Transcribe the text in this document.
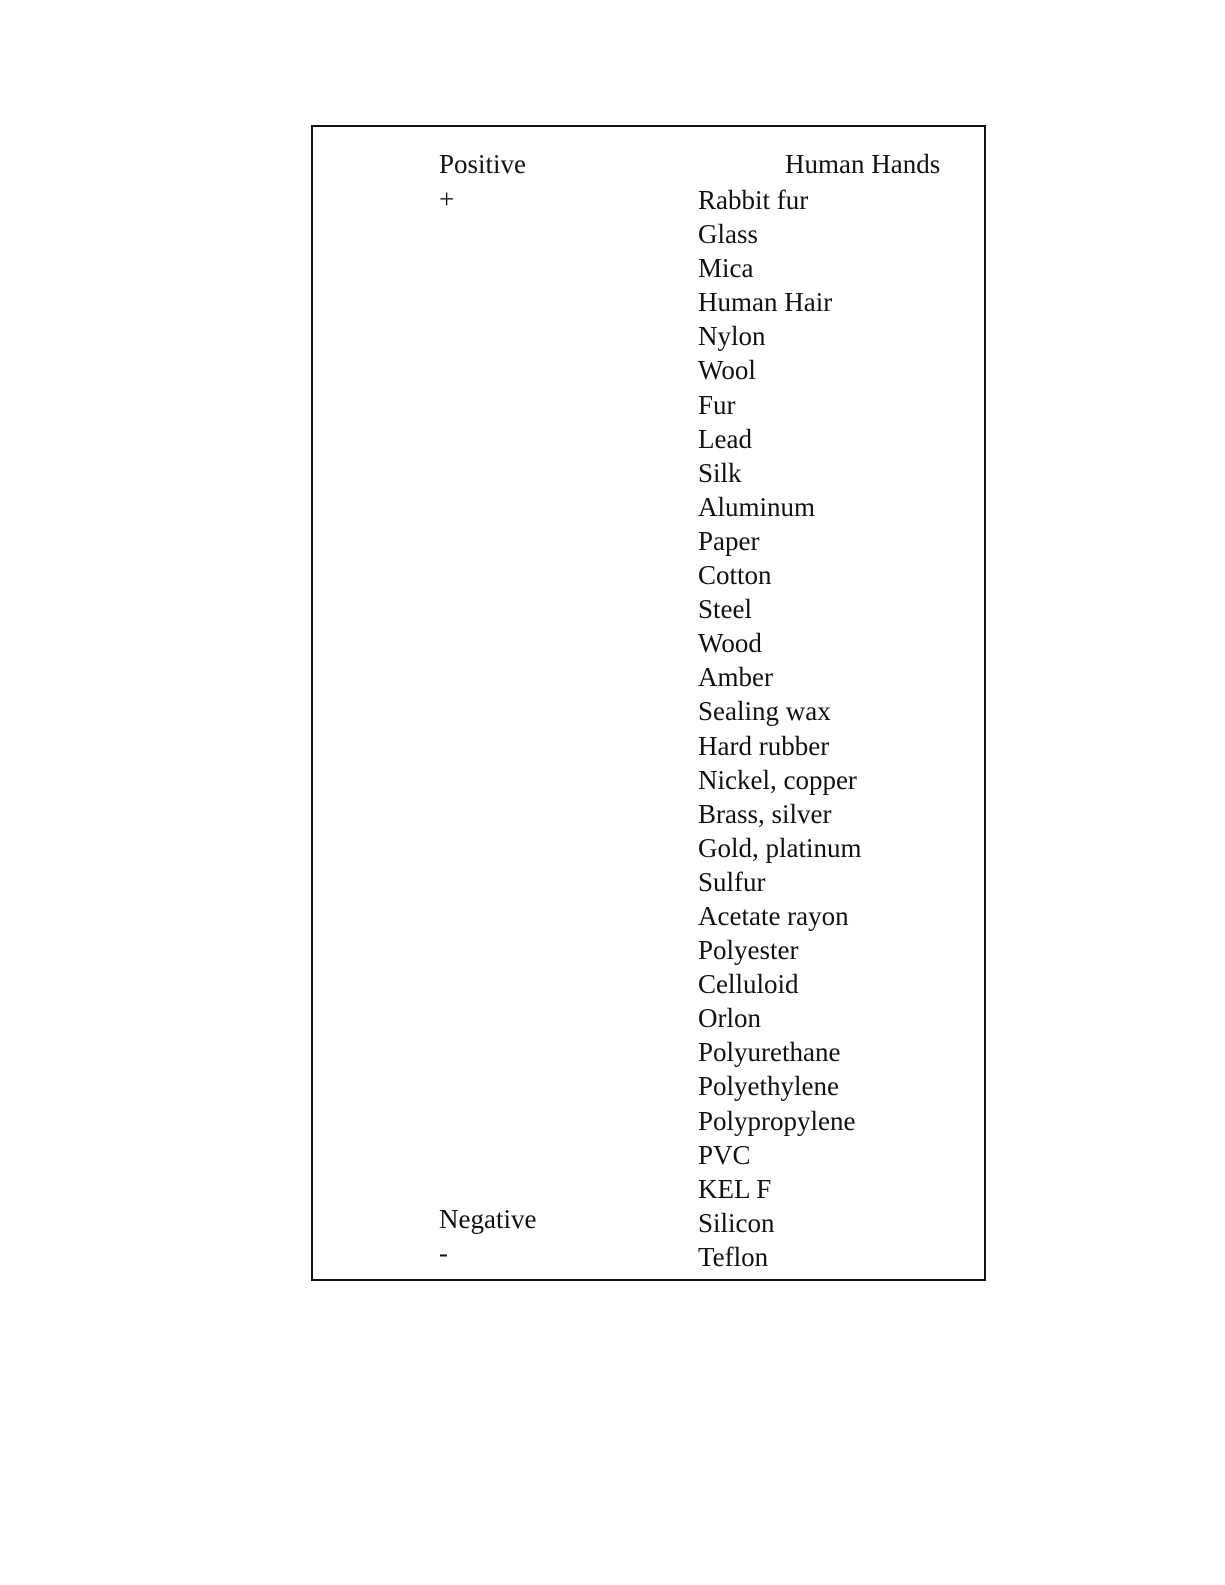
Positive	Human Hands
+	Rabbit fur
Glass
Mica
Human Hair
Nylon
Wool
Fur
Lead
Silk
Aluminum
Paper
Cotton
Steel
Wood
Amber
Sealing wax
Hard rubber
Nickel, copper
Brass, silver
Gold, platinum
Sulfur
Acetate rayon
Polyester
Celluloid
Orlon
Polyurethane
Polyethylene
Polypropylene
PVC
KEL F
Silicon
Teflon
Negative
-
